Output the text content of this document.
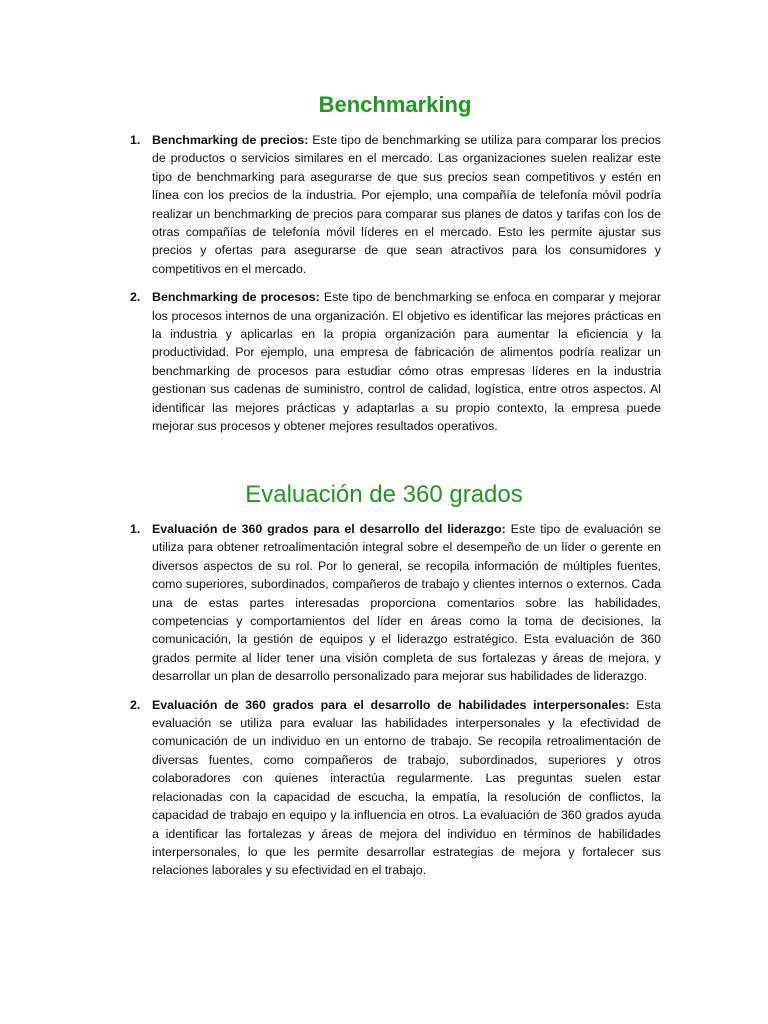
Benchmarking
1. Benchmarking de precios: Este tipo de benchmarking se utiliza para comparar los precios de productos o servicios similares en el mercado. Las organizaciones suelen realizar este tipo de benchmarking para asegurarse de que sus precios sean competitivos y estén en línea con los precios de la industria. Por ejemplo, una compañía de telefonía móvil podría realizar un benchmarking de precios para comparar sus planes de datos y tarifas con los de otras compañías de telefonía móvil líderes en el mercado. Esto les permite ajustar sus precios y ofertas para asegurarse de que sean atractivos para los consumidores y competitivos en el mercado.
2. Benchmarking de procesos: Este tipo de benchmarking se enfoca en comparar y mejorar los procesos internos de una organización. El objetivo es identificar las mejores prácticas en la industria y aplicarlas en la propia organización para aumentar la eficiencia y la productividad. Por ejemplo, una empresa de fabricación de alimentos podría realizar un benchmarking de procesos para estudiar cómo otras empresas líderes en la industria gestionan sus cadenas de suministro, control de calidad, logística, entre otros aspectos. Al identificar las mejores prácticas y adaptarlas a su propio contexto, la empresa puede mejorar sus procesos y obtener mejores resultados operativos.
Evaluación de 360 grados
1. Evaluación de 360 grados para el desarrollo del liderazgo: Este tipo de evaluación se utiliza para obtener retroalimentación integral sobre el desempeño de un líder o gerente en diversos aspectos de su rol. Por lo general, se recopila información de múltiples fuentes, como superiores, subordinados, compañeros de trabajo y clientes internos o externos. Cada una de estas partes interesadas proporciona comentarios sobre las habilidades, competencias y comportamientos del líder en áreas como la toma de decisiones, la comunicación, la gestión de equipos y el liderazgo estratégico. Esta evaluación de 360 grados permite al líder tener una visión completa de sus fortalezas y áreas de mejora, y desarrollar un plan de desarrollo personalizado para mejorar sus habilidades de liderazgo.
2. Evaluación de 360 grados para el desarrollo de habilidades interpersonales: Esta evaluación se utiliza para evaluar las habilidades interpersonales y la efectividad de comunicación de un individuo en un entorno de trabajo. Se recopila retroalimentación de diversas fuentes, como compañeros de trabajo, subordinados, superiores y otros colaboradores con quienes interactúa regularmente. Las preguntas suelen estar relacionadas con la capacidad de escucha, la empatía, la resolución de conflictos, la capacidad de trabajo en equipo y la influencia en otros. La evaluación de 360 grados ayuda a identificar las fortalezas y áreas de mejora del individuo en términos de habilidades interpersonales, lo que les permite desarrollar estrategias de mejora y fortalecer sus relaciones laborales y su efectividad en el trabajo.
